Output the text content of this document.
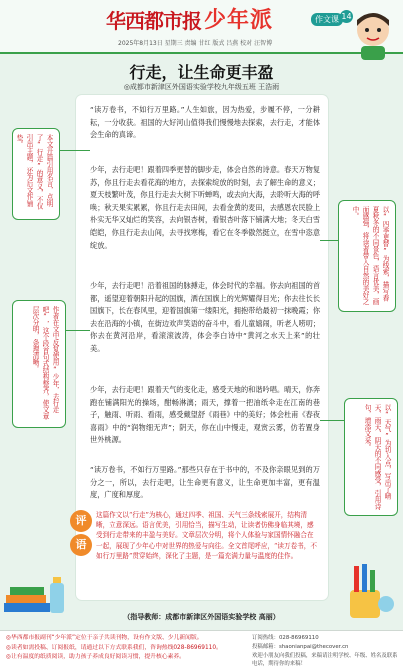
华西都市报 少年派	作文课 14
2025年8月13日 星期三 责编 甘红 版式 吕燕 校对 汪智博
行走，让生命更丰盈
◎成都市新津区外国语实验学校九年级五班 王浩雨
“读万卷书，不如行万里路。”人生如旅，因为热爱，步履不停，一分耕耘，一分收获。祖国的大好河山值得我们慢慢地去探索，去行走，才能体会生命的真谛。
少年，去行走吧！跟着四季更替的脚步走，体会自然的诗意。春天万物复苏，你且行走去看花海的地方，去探索绽放的时刻，去了解生命的意义；夏天枝繁叶茂，你且行走去大树下听蝉鸣，或去向大海，去聆听大海的呼唤；秋天果实累累，你且行走去田间，去看金黄的麦田，去感恩农民脸上朴实无华又灿烂的笑容，去向银杏树，看银杏叶落下铺满大地；冬天白雪皑皑，你且行走去山间，去寻找寒梅，看它在冬季傲然挺立，在雪中恣意绽放。
少年，去行走吧！沿着祖国的脉搏走，体会时代的幸福。你去向祖国的首都，遥望迎着朝阳升起的国旗，洒在国旗上的光辉耀得目光；你去往长长国旗下，长在春风里，迎着国旗第一缕阳光，拥抱带给最初一抹晚霞；你去在沿海的小镇，在街边欢声笑语的奋斗中，看儿童嬉闹，听老人唠叨；你去在黄河沿岸，看滚滚波涛，体会李白诗中“黄河之水天上来”的壮美。
少年，去行走吧！跟着天气的变化走，感受天地的和谐吟唱。晴天，你奔跑在铺满阳光的操场，酣畅淋漓；雨天，撑着一把油纸伞走在江南的巷子，触雨、听雨、看雨，感受戴望舒《雨巷》中的美好；体会杜甫《春夜喜雨》中的“润物细无声”；阴天，你在山中慢走，观赏云雾，仿若置身世外桃源。
“读万卷书，不如行万里路。”那些只存在于书中的，不及你亲眼见到的万分之一，所以，去行走吧，让生命更有意义，让生命更加丰富，更有温度，广度和厚度。
本文开篇引用名言，点明了“行走”的意义，不仅引出主题，还为后文作铺垫。
作者在文中反复使用“少年，去行走吧”，这个段首句式结构整齐，使文章层次分明，条理清晰。
以“四季更替”为线索，描写春夏秋冬的不同景色，语言优美，画面感强，将读者带入自然的美好之中。
以“天气”为切入点，写出了晴天、雨天、阴天的不同感受，引用诗句，增添文采。
评
语
这篇作文以“行走”为核心，通过四季、祖国、天气三条线索展开，结构清晰，立意深远。语言优美，引用恰当，描写生动，让读者仿佛身临其境，感受到行走带来的丰盈与美好。文章层次分明，将个人体验与家国情怀融合在一起，展现了少年心中对世界的热爱与向往。全文首尾呼应，“读万卷书，不如行万里路”贯穿始终，深化了主题，是一篇充满力量与温度的佳作。
（指导教师：成都市新津区外国语实验学校 高丽）
◎华西都市报副刊“少年派”定位于亲子共读刊物，设有作文版、少儿新闻版。
◎读者如需投稿、订阅报纸，请通过以下方式联系我们，咨询热线028-86969110。
◎让有温度的纸质阅读，助力孩子养成良好阅读习惯，提升核心素养。
订阅热线：028-86969110
投稿邮箱：shaonianpai@thecover.cn
欢迎小朋友向我们投稿，来稿请注明学校、年级、姓名及联系电话，期待你的来稿！
